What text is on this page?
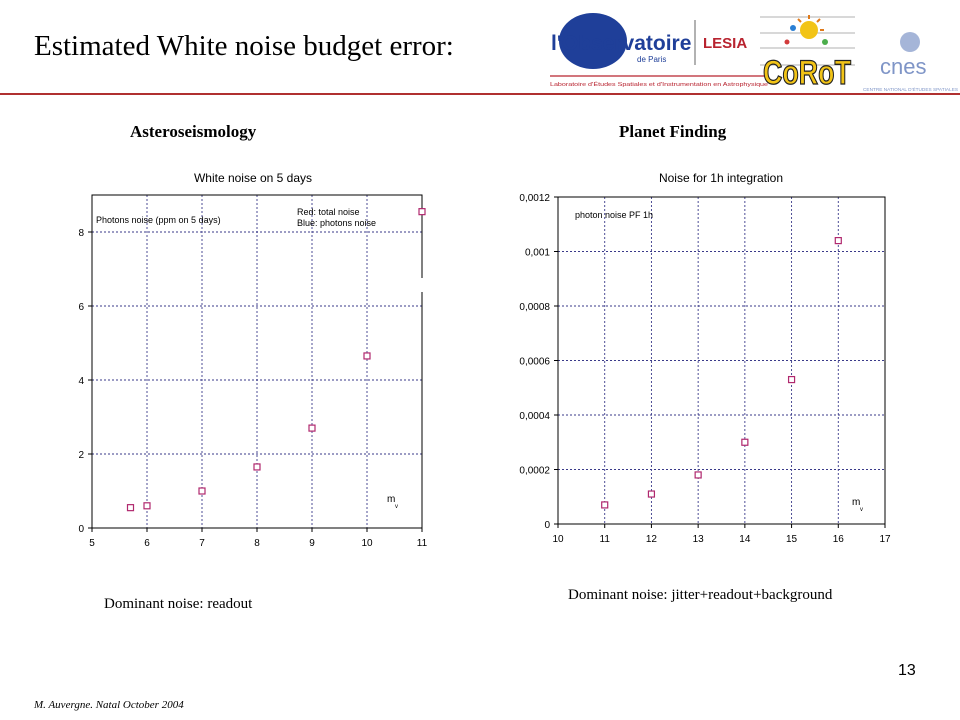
Estimated White noise budget error:	l'Observatoire
de Paris
LESIA
Laboratoire d'Études Spatiales et d'Instrumentation en Astrophysique	CoRoT cnes
CENTRE NATIONAL D'ÉTUDES SPATIALES
Asteroseismology	Planet Finding
White noise on 5 days
5	6	7	8	9	10	11
0
2
4
6
8
Photons noise (ppm on 5 days)
Red: total noise
Blue: photons noise
m
v
Noise for 1h integration
10	11	12	13	14	15	16	17
0
0,0002
0,0004
0,0006
0,0008
0,001
0,0012
photon noise PF 1h
m
v
Dominant noise: readout
Dominant noise: jitter+readout+background
13
M. Auvergne. Natal October 2004
